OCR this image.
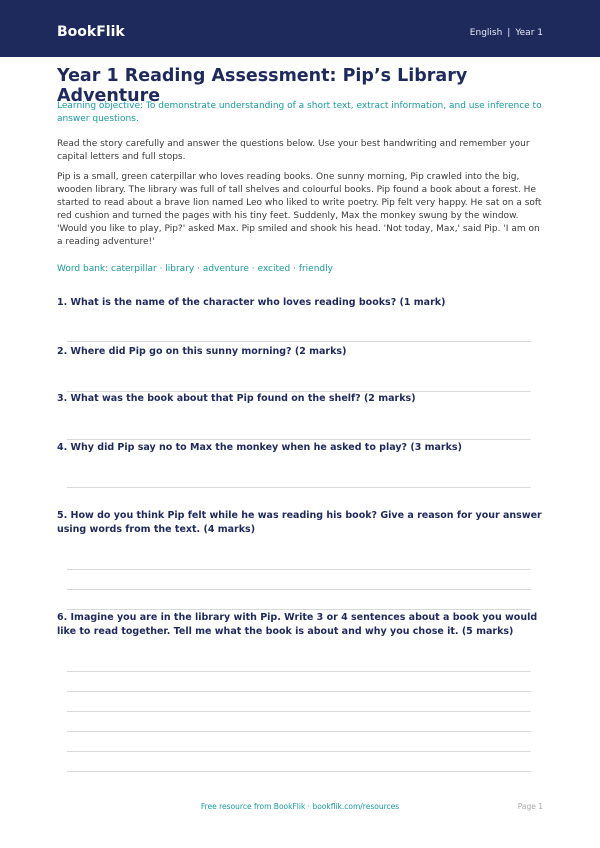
BookFlik	English | Year 1
Year 1 Reading Assessment: Pip’s Library Adventure

Learning objective: To demonstrate understanding of a short text, extract information, and use inference to answer questions.

Read the story carefully and answer the questions below. Use your best handwriting and remember your capital letters and full stops.

Pip is a small, green caterpillar who loves reading books. One sunny morning, Pip crawled into the big, wooden library. The library was full of tall shelves and colourful books. Pip found a book about a forest. He started to read about a brave lion named Leo who liked to write poetry. Pip felt very happy. He sat on a soft red cushion and turned the pages with his tiny feet. Suddenly, Max the monkey swung by the window. 'Would you like to play, Pip?' asked Max. Pip smiled and shook his head. 'Not today, Max,' said Pip. 'I am on a reading adventure!'

Word bank: caterpillar · library · adventure · excited · friendly

1. What is the name of the character who loves reading books? (1 mark)

2. Where did Pip go on this sunny morning? (2 marks)

3. What was the book about that Pip found on the shelf? (2 marks)

4. Why did Pip say no to Max the monkey when he asked to play? (3 marks)

5. How do you think Pip felt while he was reading his book? Give a reason for your answer using words from the text. (4 marks)

6. Imagine you are in the library with Pip. Write 3 or 4 sentences about a book you would like to read together. Tell me what the book is about and why you chose it. (5 marks)

Free resource from BookFlik · bookflik.com/resources	Page 1
